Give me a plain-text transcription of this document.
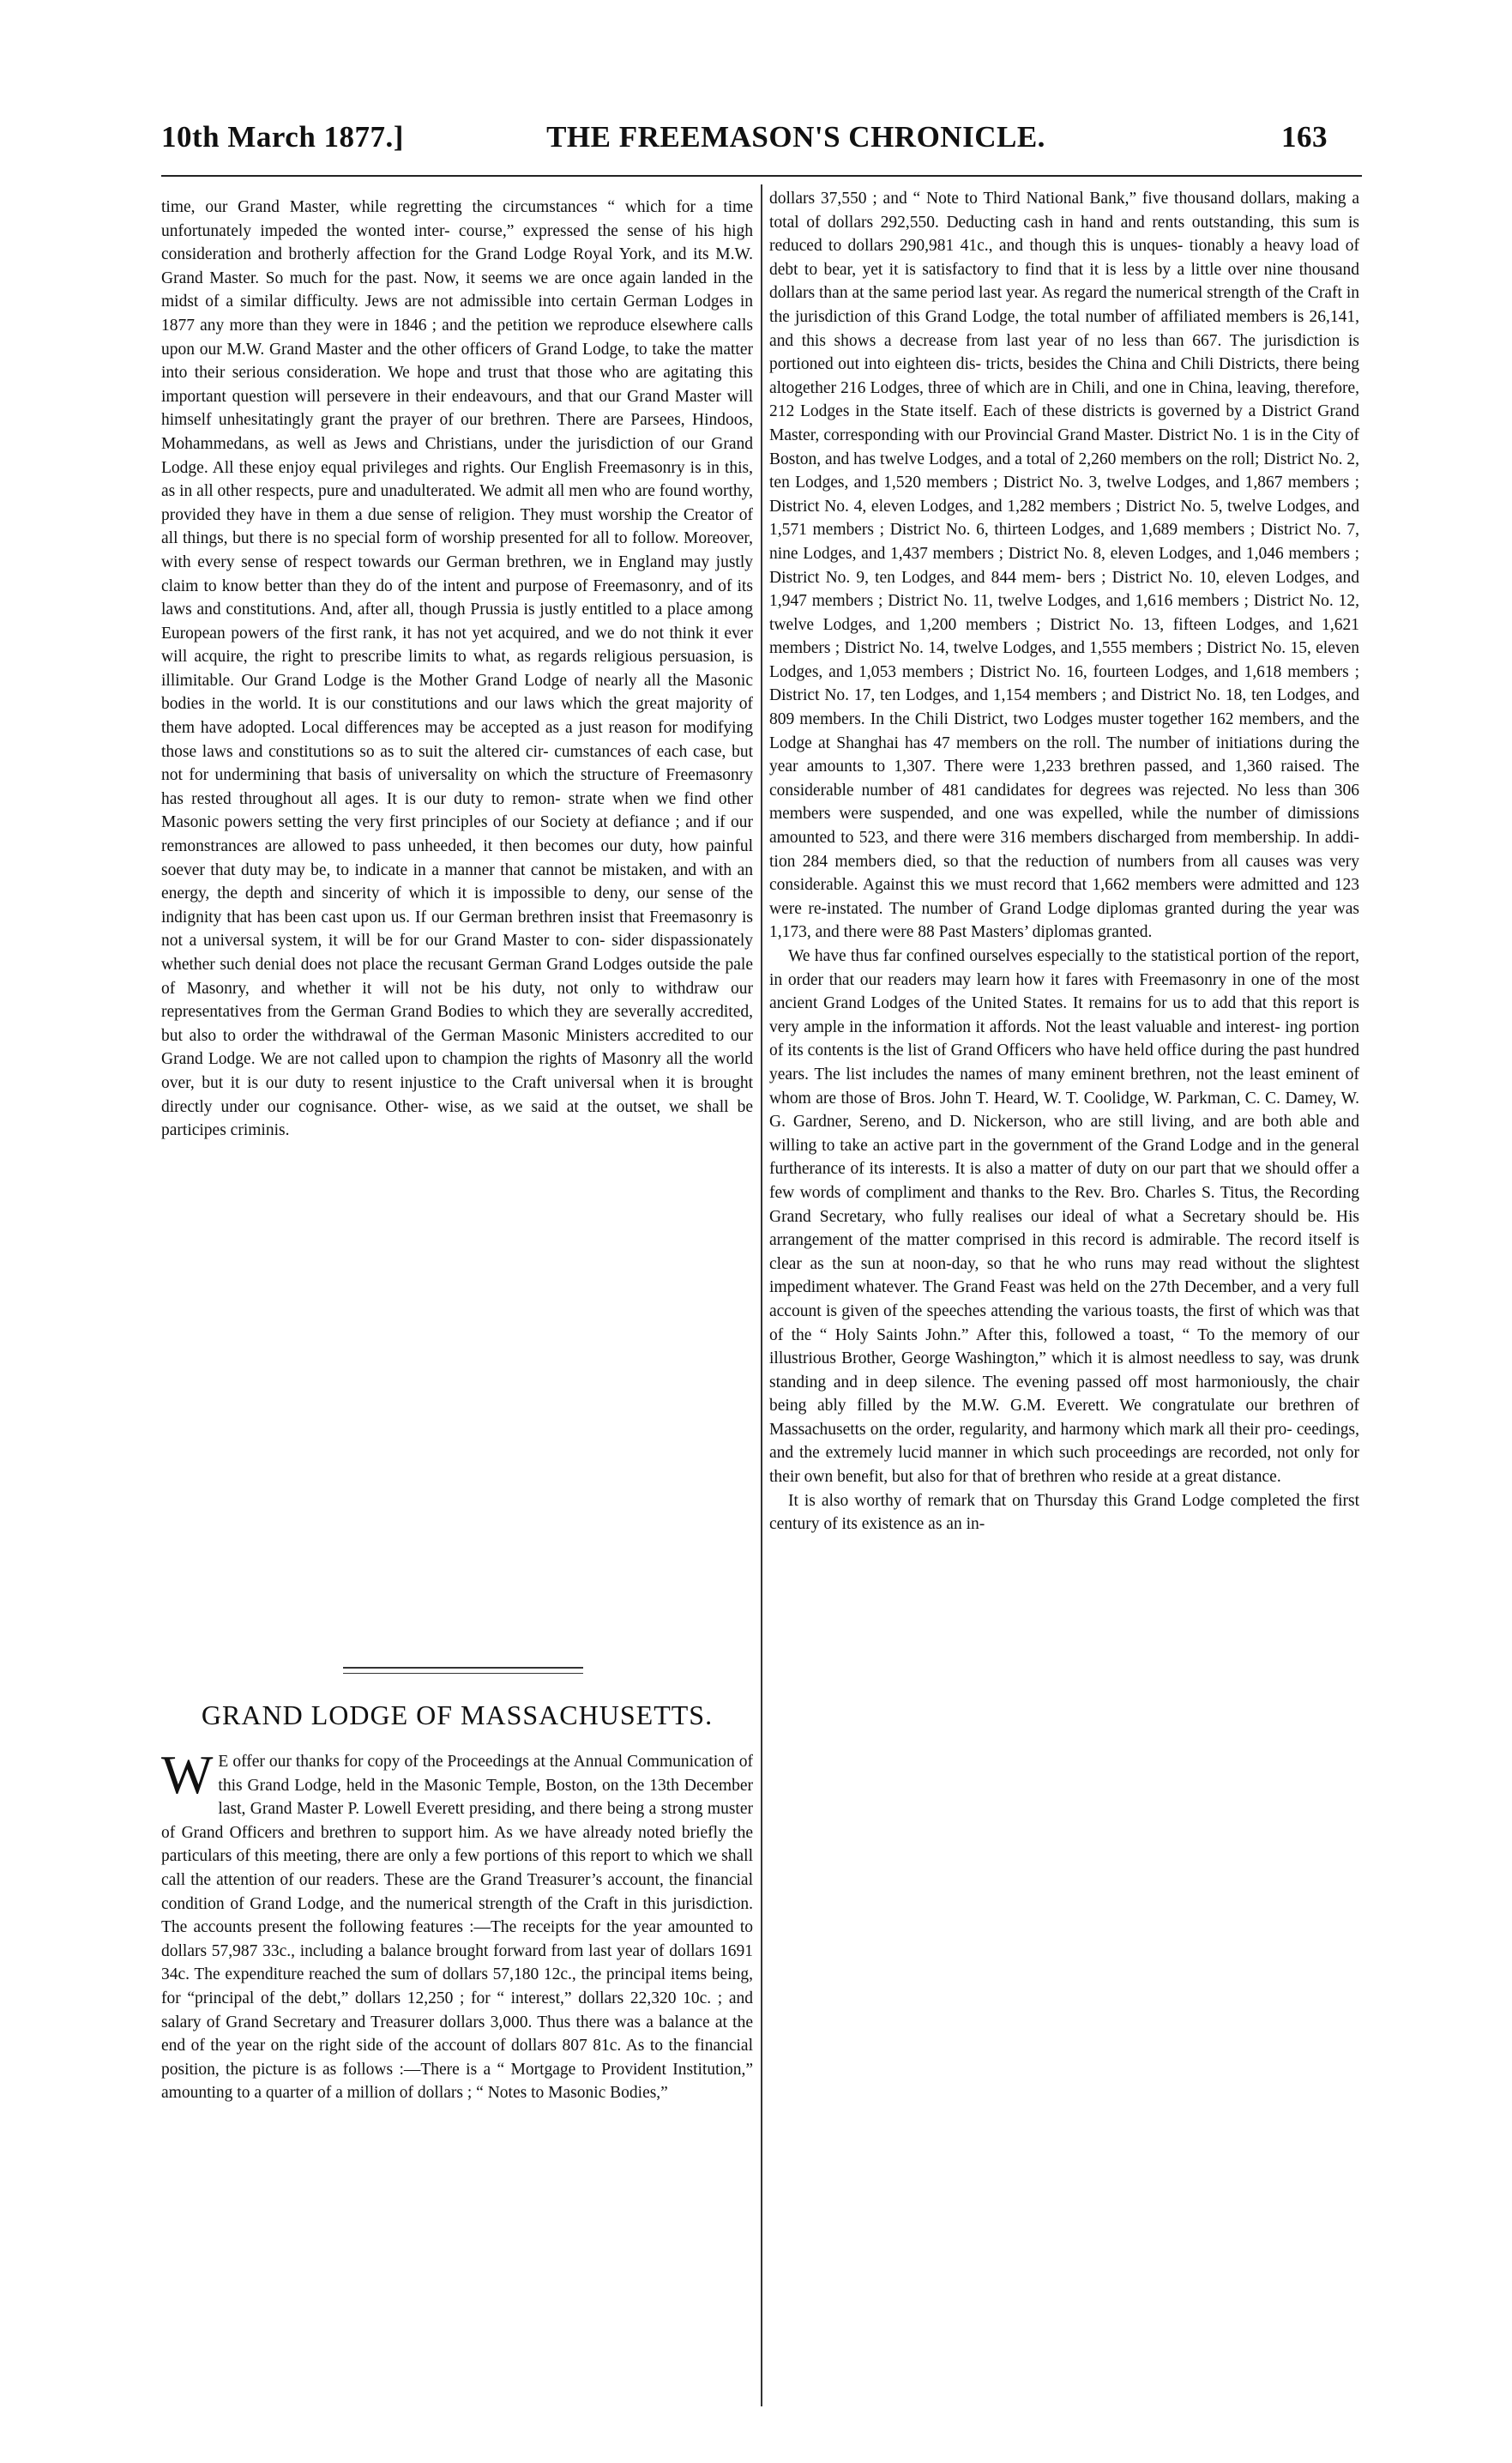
10th March 1877.]	THE FREEMASON'S CHRONICLE.	163

time, our Grand Master, while regretting the circumstances “ which for a time unfortunately impeded the wonted inter- course,” expressed the sense of his high consideration and brotherly affection for the Grand Lodge Royal York, and its M.W. Grand Master. So much for the past. Now, it seems we are once again landed in the midst of a similar difficulty. Jews are not admissible into certain German Lodges in 1877 any more than they were in 1846 ; and the petition we reproduce elsewhere calls upon our M.W. Grand Master and the other officers of Grand Lodge, to take the matter into their serious consideration. We hope and trust that those who are agitating this important question will persevere in their endeavours, and that our Grand Master will himself unhesitatingly grant the prayer of our brethren. There are Parsees, Hindoos, Mohammedans, as well as Jews and Christians, under the jurisdiction of our Grand Lodge. All these enjoy equal privileges and rights. Our English Freemasonry is in this, as in all other respects, pure and unadulterated. We admit all men who are found worthy, provided they have in them a due sense of religion. They must worship the Creator of all things, but there is no special form of worship presented for all to follow. Moreover, with every sense of respect towards our German brethren, we in England may justly claim to know better than they do of the intent and purpose of Freemasonry, and of its laws and constitutions. And, after all, though Prussia is justly entitled to a place among European powers of the first rank, it has not yet acquired, and we do not think it ever will acquire, the right to prescribe limits to what, as regards religious persuasion, is illimitable. Our Grand Lodge is the Mother Grand Lodge of nearly all the Masonic bodies in the world. It is our constitutions and our laws which the great majority of them have adopted. Local differences may be accepted as a just reason for modifying those laws and constitutions so as to suit the altered cir- cumstances of each case, but not for undermining that basis of universality on which the structure of Freemasonry has rested throughout all ages. It is our duty to remon- strate when we find other Masonic powers setting the very first principles of our Society at defiance ; and if our remonstrances are allowed to pass unheeded, it then becomes our duty, how painful soever that duty may be, to indicate in a manner that cannot be mistaken, and with an energy, the depth and sincerity of which it is impossible to deny, our sense of the indignity that has been cast upon us. If our German brethren insist that Freemasonry is not a universal system, it will be for our Grand Master to con- sider dispassionately whether such denial does not place the recusant German Grand Lodges outside the pale of Masonry, and whether it will not be his duty, not only to withdraw our representatives from the German Grand Bodies to which they are severally accredited, but also to order the withdrawal of the German Masonic Ministers accredited to our Grand Lodge. We are not called upon to champion the rights of Masonry all the world over, but it is our duty to resent injustice to the Craft universal when it is brought directly under our cognisance. Other- wise, as we said at the outset, we shall be participes criminis.

GRAND LODGE OF MASSACHUSETTS.

W E offer our thanks for copy of the Proceedings at the Annual Communication of this Grand Lodge, held in the Masonic Temple, Boston, on the 13th December last, Grand Master P. Lowell Everett presiding, and there being a strong muster of Grand Officers and brethren to support him. As we have already noted briefly the particulars of this meeting, there are only a few portions of this report to which we shall call the attention of our readers. These are the Grand Treasurer’s account, the financial condition of Grand Lodge, and the numerical strength of the Craft in this jurisdiction. The accounts present the following features :—The receipts for the year amounted to dollars 57,987 33c., including a balance brought forward from last year of dollars 1691 34c. The expenditure reached the sum of dollars 57,180 12c., the principal items being, for “principal of the debt,” dollars 12,250 ; for “ interest,” dollars 22,320 10c. ; and salary of Grand Secretary and Treasurer dollars 3,000. Thus there was a balance at the end of the year on the right side of the account of dollars 807 81c. As to the financial position, the picture is as follows :—There is a “ Mortgage to Provident Institution,” amounting to a quarter of a million of dollars ; “ Notes to Masonic Bodies,”

dollars 37,550 ; and “ Note to Third National Bank,” five thousand dollars, making a total of dollars 292,550. Deducting cash in hand and rents outstanding, this sum is reduced to dollars 290,981 41c., and though this is unques- tionably a heavy load of debt to bear, yet it is satisfactory to find that it is less by a little over nine thousand dollars than at the same period last year. As regard the numerical strength of the Craft in the jurisdiction of this Grand Lodge, the total number of affiliated members is 26,141, and this shows a decrease from last year of no less than 667. The jurisdiction is portioned out into eighteen dis- tricts, besides the China and Chili Districts, there being altogether 216 Lodges, three of which are in Chili, and one in China, leaving, therefore, 212 Lodges in the State itself. Each of these districts is governed by a District Grand Master, corresponding with our Provincial Grand Master. District No. 1 is in the City of Boston, and has twelve Lodges, and a total of 2,260 members on the roll; District No. 2, ten Lodges, and 1,520 members ; District No. 3, twelve Lodges, and 1,867 members ; District No. 4, eleven Lodges, and 1,282 members ; District No. 5, twelve Lodges, and 1,571 members ; District No. 6, thirteen Lodges, and 1,689 members ; District No. 7, nine Lodges, and 1,437 members ; District No. 8, eleven Lodges, and 1,046 members ; District No. 9, ten Lodges, and 844 mem- bers ; District No. 10, eleven Lodges, and 1,947 members ; District No. 11, twelve Lodges, and 1,616 members ; District No. 12, twelve Lodges, and 1,200 members ; District No. 13, fifteen Lodges, and 1,621 members ; District No. 14, twelve Lodges, and 1,555 members ; District No. 15, eleven Lodges, and 1,053 members ; District No. 16, fourteen Lodges, and 1,618 members ; District No. 17, ten Lodges, and 1,154 members ; and District No. 18, ten Lodges, and 809 members. In the Chili District, two Lodges muster together 162 members, and the Lodge at Shanghai has 47 members on the roll. The number of initiations during the year amounts to 1,307. There were 1,233 brethren passed, and 1,360 raised. The considerable number of 481 candidates for degrees was rejected. No less than 306 members were suspended, and one was expelled, while the number of dimissions amounted to 523, and there were 316 members discharged from membership. In addi- tion 284 members died, so that the reduction of numbers from all causes was very considerable. Against this we must record that 1,662 members were admitted and 123 were re-instated. The number of Grand Lodge diplomas granted during the year was 1,173, and there were 88 Past Masters’ diplomas granted.

We have thus far confined ourselves especially to the statistical portion of the report, in order that our readers may learn how it fares with Freemasonry in one of the most ancient Grand Lodges of the United States. It remains for us to add that this report is very ample in the information it affords. Not the least valuable and interest- ing portion of its contents is the list of Grand Officers who have held office during the past hundred years. The list includes the names of many eminent brethren, not the least eminent of whom are those of Bros. John T. Heard, W. T. Coolidge, W. Parkman, C. C. Damey, W. G. Gardner, Sereno, and D. Nickerson, who are still living, and are both able and willing to take an active part in the government of the Grand Lodge and in the general furtherance of its interests. It is also a matter of duty on our part that we should offer a few words of compliment and thanks to the Rev. Bro. Charles S. Titus, the Recording Grand Secretary, who fully realises our ideal of what a Secretary should be. His arrangement of the matter comprised in this record is admirable. The record itself is clear as the sun at noon-day, so that he who runs may read without the slightest impediment whatever. The Grand Feast was held on the 27th December, and a very full account is given of the speeches attending the various toasts, the first of which was that of the “ Holy Saints John.” After this, followed a toast, “ To the memory of our illustrious Brother, George Washington,” which it is almost needless to say, was drunk standing and in deep silence. The evening passed off most harmoniously, the chair being ably filled by the M.W. G.M. Everett. We congratulate our brethren of Massachusetts on the order, regularity, and harmony which mark all their pro- ceedings, and the extremely lucid manner in which such proceedings are recorded, not only for their own benefit, but also for that of brethren who reside at a great distance.

It is also worthy of remark that on Thursday this Grand Lodge completed the first century of its existence as an in-
